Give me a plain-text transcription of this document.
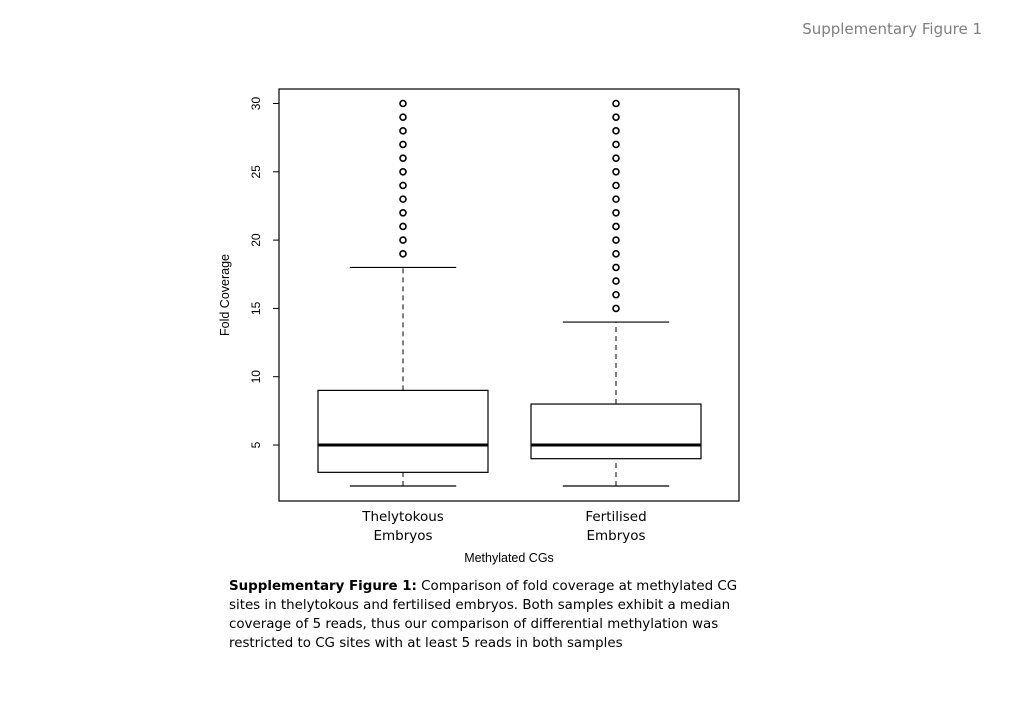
Supplementary Figure 1
5
10
15
20
25
30
Thelytokous
Embryos
Fertilised
Embryos
Fold Coverage
Methylated CGs
Supplementary Figure 1: Comparison of fold coverage at methylated CG sites in thelytokous and fertilised embryos. Both samples exhibit a median coverage of 5 reads, thus our comparison of differential methylation was restricted to CG sites with at least 5 reads in both samples
